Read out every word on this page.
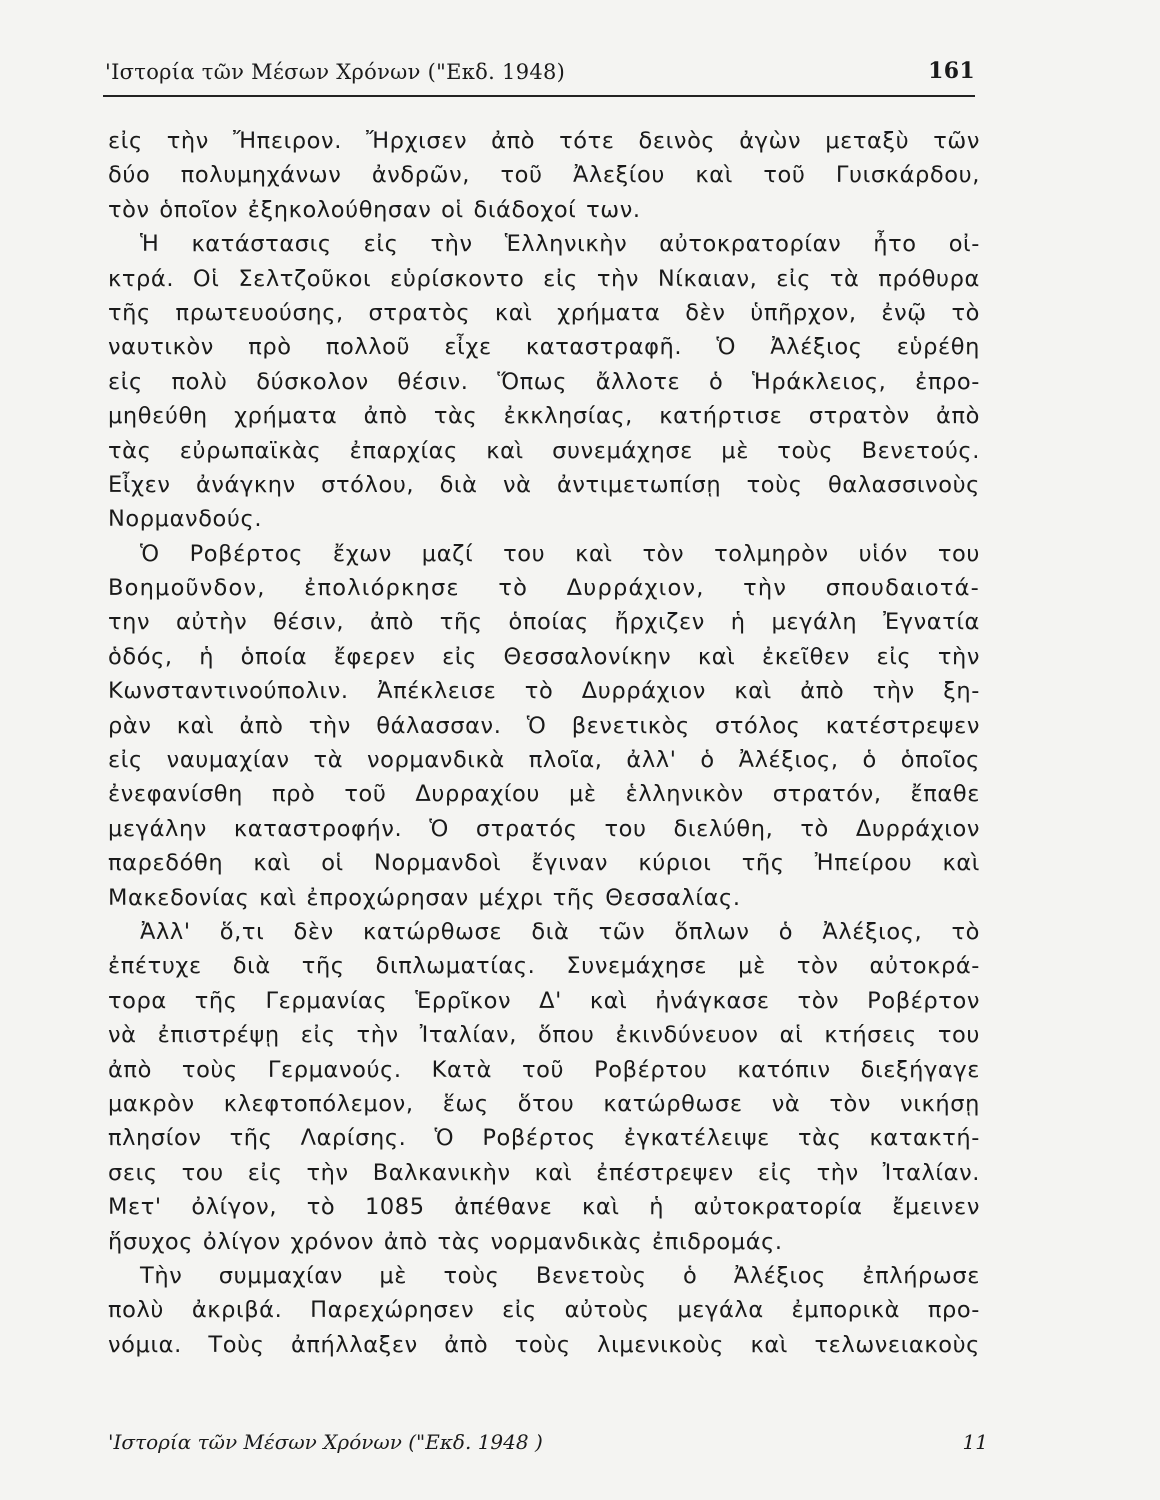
'Ιστορία τῶν Μέσων Χρόνων ("Εκδ. 1948)	161
εἰς τὴν Ἤπειρον. Ἤρχισεν ἀπὸ τότε δεινὸς ἀγὼν μεταξὺ τῶν
δύο πολυμηχάνων ἀνδρῶν, τοῦ Ἀλεξίου καὶ τοῦ Γυισκάρδου,
τὸν ὁποῖον ἐξηκολούθησαν οἱ διάδοχοί των.
Ἡ κατάστασις εἰς τὴν Ἑλληνικὴν αὐτοκρατορίαν ἦτο οἰ-
κτρά. Οἱ Σελτζοῦκοι εὑρίσκοντο εἰς τὴν Νίκαιαν, εἰς τὰ πρόθυρα
τῆς πρωτευούσης, στρατὸς καὶ χρήματα δὲν ὑπῆρχον, ἐνῷ τὸ
ναυτικὸν πρὸ πολλοῦ εἶχε καταστραφῆ. Ὁ Ἀλέξιος εὑρέθη
εἰς πολὺ δύσκολον θέσιν. Ὅπως ἄλλοτε ὁ Ἡράκλειος, ἐπρο-
μηθεύθη χρήματα ἀπὸ τὰς ἐκκλησίας, κατήρτισε στρατὸν ἀπὸ
τὰς εὐρωπαϊκὰς ἐπαρχίας καὶ συνεμάχησε μὲ τοὺς Βενετούς.
Εἶχεν ἀνάγκην στόλου, διὰ νὰ ἀντιμετωπίσῃ τοὺς θαλασσινοὺς
Νορμανδούς.
Ὁ Ροβέρτος ἔχων μαζί του καὶ τὸν τολμηρὸν υἱόν του
Βοημοῦνδον, ἐπολιόρκησε τὸ Δυρράχιον, τὴν σπουδαιοτά-
την αὐτὴν θέσιν, ἀπὸ τῆς ὁποίας ἤρχιζεν ἡ μεγάλη Ἐγνατία
ὁδός, ἡ ὁποία ἔφερεν εἰς Θεσσαλονίκην καὶ ἐκεῖθεν εἰς τὴν
Κωνσταντινούπολιν. Ἀπέκλεισε τὸ Δυρράχιον καὶ ἀπὸ τὴν ξη-
ρὰν καὶ ἀπὸ τὴν θάλασσαν. Ὁ βενετικὸς στόλος κατέστρεψεν
εἰς ναυμαχίαν τὰ νορμανδικὰ πλοῖα, ἀλλ' ὁ Ἀλέξιος, ὁ ὁποῖος
ἐνεφανίσθη πρὸ τοῦ Δυρραχίου μὲ ἑλληνικὸν στρατόν, ἔπαθε
μεγάλην καταστροφήν. Ὁ στρατός του διελύθη, τὸ Δυρράχιον
παρεδόθη καὶ οἱ Νορμανδοὶ ἔγιναν κύριοι τῆς Ἠπείρου καὶ
Μακεδονίας καὶ ἐπροχώρησαν μέχρι τῆς Θεσσαλίας.
Ἀλλ' ὅ,τι δὲν κατώρθωσε διὰ τῶν ὅπλων ὁ Ἀλέξιος, τὸ
ἐπέτυχε διὰ τῆς διπλωματίας. Συνεμάχησε μὲ τὸν αὐτοκρά-
τορα τῆς Γερμανίας Ἑρρῖκον Δ' καὶ ἠνάγκασε τὸν Ροβέρτον
νὰ ἐπιστρέψῃ εἰς τὴν Ἰταλίαν, ὅπου ἐκινδύνευον αἱ κτήσεις του
ἀπὸ τοὺς Γερμανούς. Κατὰ τοῦ Ροβέρτου κατόπιν διεξήγαγε
μακρὸν κλεφτοπόλεμον, ἕως ὅτου κατώρθωσε νὰ τὸν νικήσῃ
πλησίον τῆς Λαρίσης. Ὁ Ροβέρτος ἐγκατέλειψε τὰς κατακτή-
σεις του εἰς τὴν Βαλκανικὴν καὶ ἐπέστρεψεν εἰς τὴν Ἰταλίαν.
Μετ' ὀλίγον, τὸ 1085 ἀπέθανε καὶ ἡ αὐτοκρατορία ἔμεινεν
ἥσυχος ὀλίγον χρόνον ἀπὸ τὰς νορμανδικὰς ἐπιδρομάς.
Τὴν συμμαχίαν μὲ τοὺς Βενετοὺς ὁ Ἀλέξιος ἐπλήρωσε
πολὺ ἀκριβά. Παρεχώρησεν εἰς αὐτοὺς μεγάλα ἐμπορικὰ προ-
νόμια. Τοὺς ἀπήλλαξεν ἀπὸ τοὺς λιμενικοὺς καὶ τελωνειακοὺς
'Ιστορία τῶν Μέσων Χρόνων ("Εκδ. 1948 )	11
